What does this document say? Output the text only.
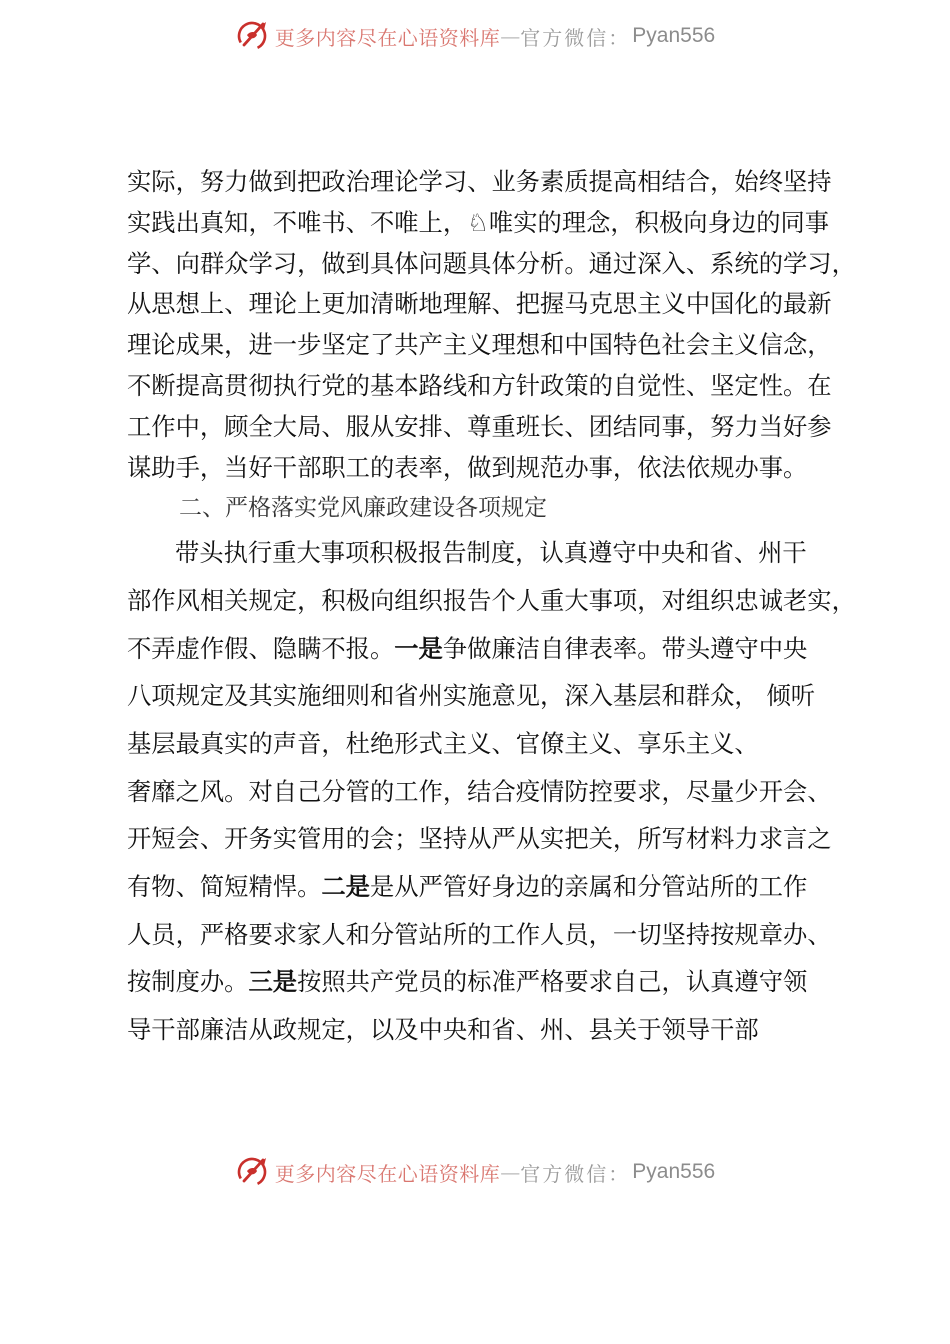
更多内容尽在心语资料库 — 官方微信： Pyan556
实际，努力做到把政治理论学习、业务素质提高相结合，始终坚持
实践出真知，不唯书、不唯上，♘唯实的理念，积极向身边的同事
学、向群众学习，做到具体问题具体分析。通过深入、系统的学习，
从思想上、理论上更加清晰地理解、把握马克思主义中国化的最新
理论成果，进一步坚定了共产主义理想和中国特色社会主义信念，
不断提高贯彻执行党的基本路线和方针政策的自觉性、坚定性。在
工作中，顾全大局、服从安排、尊重班长、团结同事，努力当好参
谋助手，当好干部职工的表率，做到规范办事，依法依规办事。
二、严格落实党风廉政建设各项规定
带头执行重大事项积极报告制度，认真遵守中央和省、州干
部作风相关规定，积极向组织报告个人重大事项，对组织忠诚老实，
不弄虚作假、隐瞒不报。一是争做廉洁自律表率。带头遵守中央
八项规定及其实施细则和省州实施意见，深入基层和群众， 倾听
基层最真实的声音，杜绝形式主义、官僚主义、享乐主义、
奢靡之风。对自己分管的工作，结合疫情防控要求，尽量少开会、
开短会、开务实管用的会；坚持从严从实把关，所写材料力求言之
有物、简短精悍。二是是从严管好身边的亲属和分管站所的工作
人员，严格要求家人和分管站所的工作人员，一切坚持按规章办、
按制度办。三是按照共产党员的标准严格要求自己，认真遵守领
导干部廉洁从政规定，以及中央和省、州、县关于领导干部
更多内容尽在心语资料库 — 官方微信： Pyan556
